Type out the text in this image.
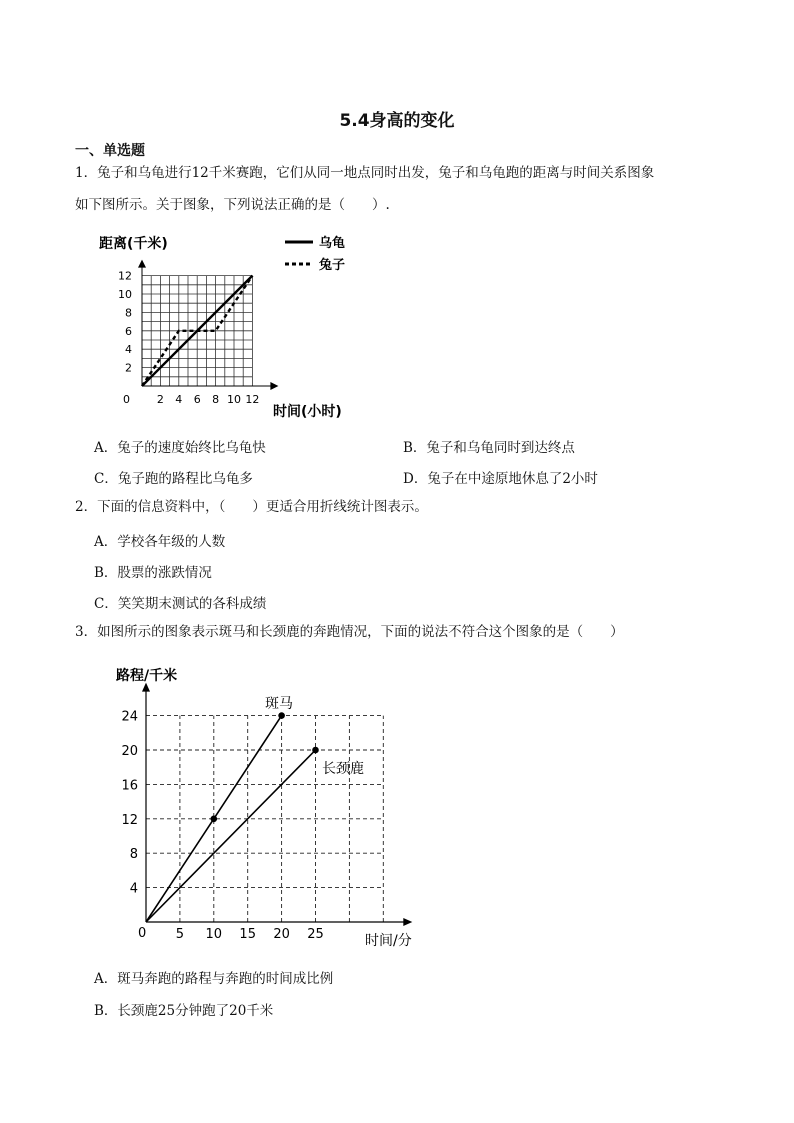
5.4身高的变化
一、单选题
1．兔子和乌龟进行12千米赛跑，它们从同一地点同时出发，兔子和乌龟跑的距离与时间关系图象
如下图所示。关于图象，下列说法正确的是（　　）.
2 4 6 8 10 12
2
4
6
8
10
12
距离(千米)
时间(小时)
0
乌龟
兔子
A．兔子的速度始终比乌龟快	B．兔子和乌龟同时到达终点
C．兔子跑的路程比乌龟多	D．兔子在中途原地休息了2小时
2．下面的信息资料中，（　　）更适合用折线统计图表示。
A．学校各年级的人数
B．股票的涨跌情况
C．笑笑期末测试的各科成绩
3．如图所示的图象表示斑马和长颈鹿的奔跑情况，下面的说法不符合这个图象的是（　　）
5 10 15 20 25
4
8
12
16
20
24
路程/千米
时间/分
0
斑马
长颈鹿
A．斑马奔跑的路程与奔跑的时间成比例
B．长颈鹿25分钟跑了20千米
